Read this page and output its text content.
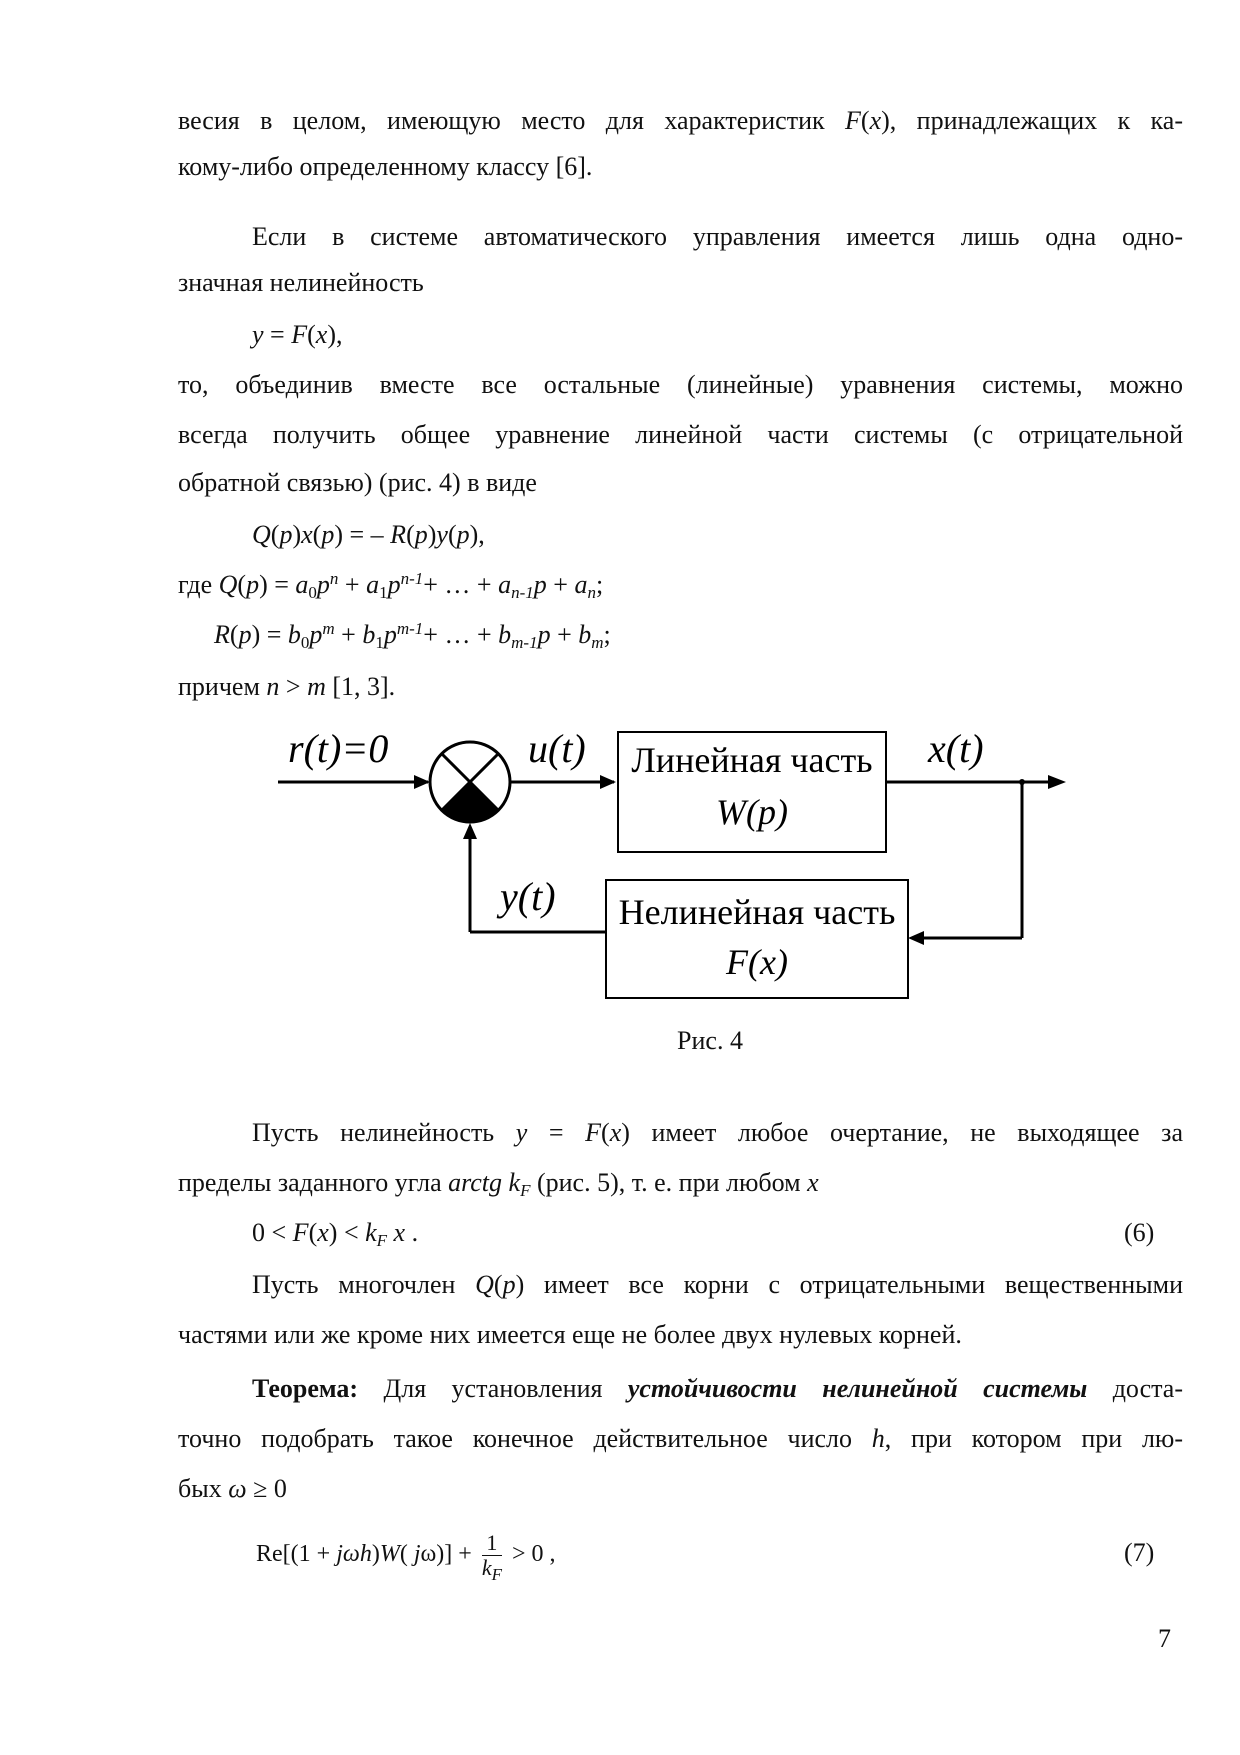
весия в целом, имеющую место для характеристик F(x), принадлежащих к ка-
кому-либо определенному классу [6].
Если в системе автоматического управления имеется лишь одна одно-
значная нелинейность
y = F(x),
то, объединив вместе все остальные (линейные) уравнения системы, можно
всегда получить общее уравнение линейной части системы (с отрицательной
обратной связью) (рис. 4) в виде
Q(p)x(p) = – R(p)y(p),
где $Q(p) = a_0p^n + a_1p^{n-1}+$ … + $a_{n-1}p + a_n$;
$R(p) = b_0p^m + b_1p^{m-1}+$ … + $b_{m-1}p + b_m$;
причем n > m [1, 3].
r(t)=0	u(t) Линейная часть
W(p)
x(t)
Нелинейная часть
F(x)
y(t)
Рис. 4
Пусть нелинейность y = F(x) имеет любое очертание, не выходящее за
пределы заданного угла arctg $k_F$ (рис. 5), т. е. при любом x
$0 < F(x) < k_F$ x .	(6)
Пусть многочлен Q(p) имеет все корни с отрицательными вещественными
частями или же кроме них имеется еще не более двух нулевых корней.
Теорема: Для установления устойчивости нелинейной системы доста-
точно подобрать такое конечное действительное число h, при котором при лю-
бых ω ≥ 0
Re[(1 + jωh)W( $j\omega)] + \frac{1}{k_F} > 0$ ,	(7)
7
